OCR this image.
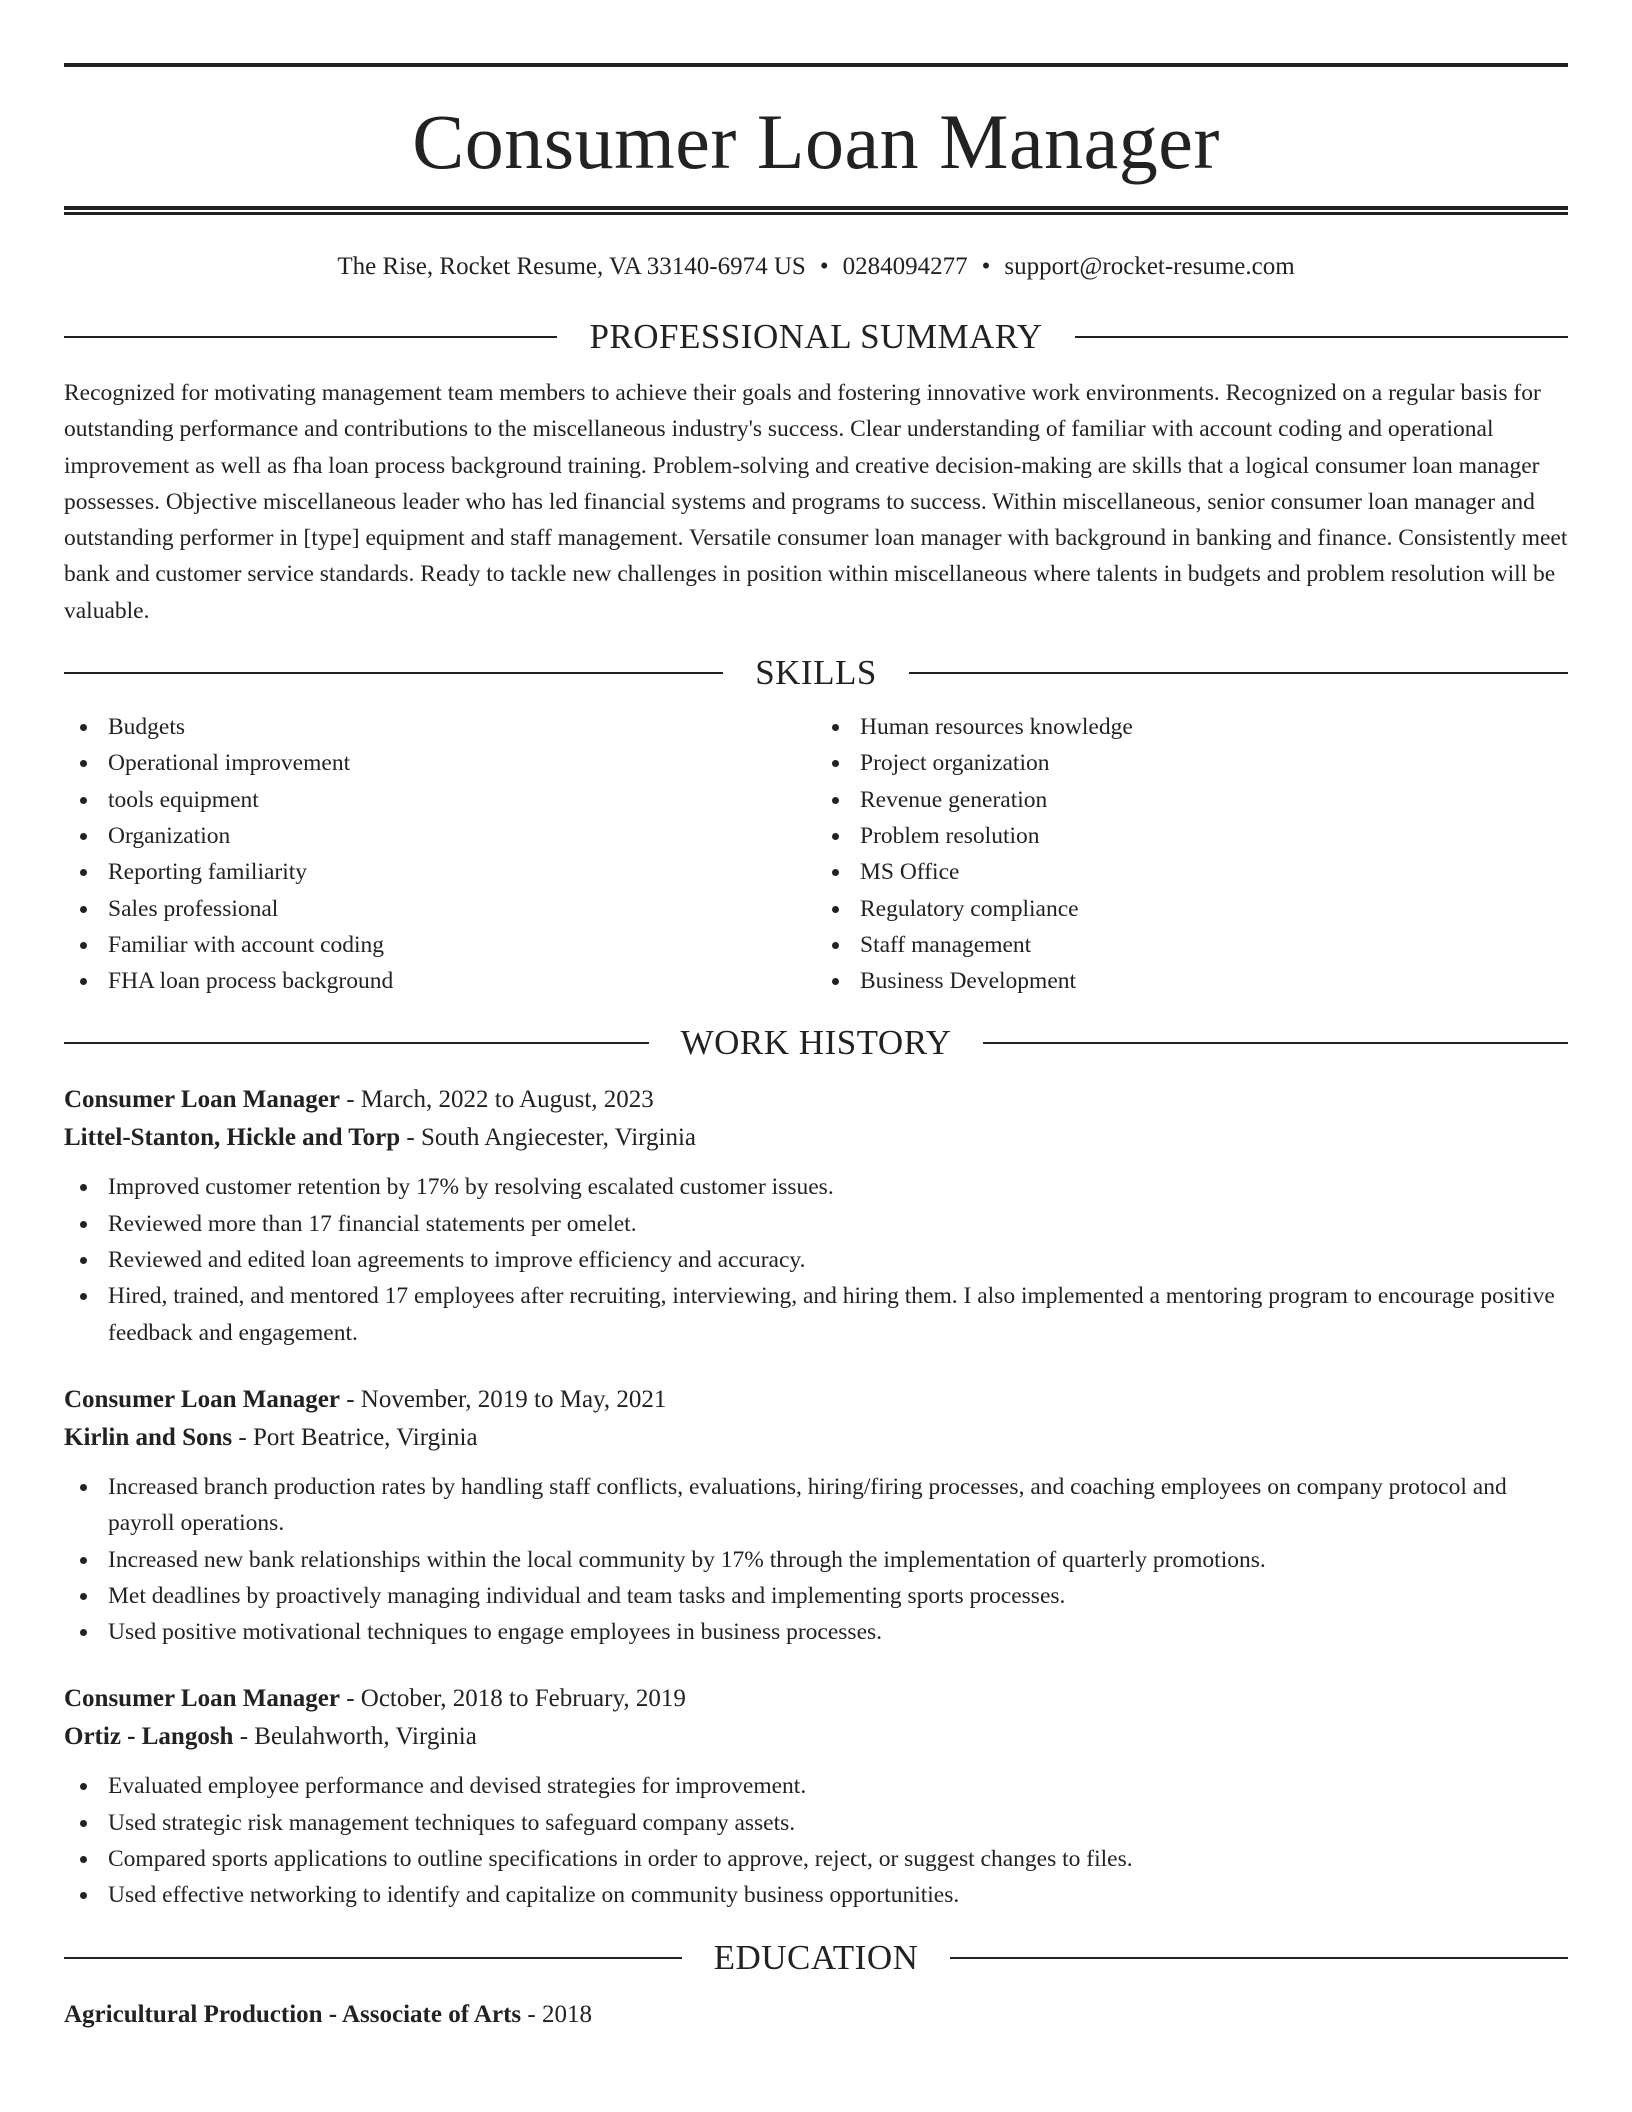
Consumer Loan Manager
The Rise, Rocket Resume, VA 33140-6974 US • 0284094277 • support@rocket-resume.com
PROFESSIONAL SUMMARY

Recognized for motivating management team members to achieve their goals and fostering innovative work environments. Recognized on a regular basis for outstanding performance and contributions to the miscellaneous industry's success. Clear understanding of familiar with account coding and operational improvement as well as fha loan process background training. Problem-solving and creative decision-making are skills that a logical consumer loan manager possesses. Objective miscellaneous leader who has led financial systems and programs to success. Within miscellaneous, senior consumer loan manager and outstanding performer in [type] equipment and staff management. Versatile consumer loan manager with background in banking and finance. Consistently meet bank and customer service standards. Ready to tackle new challenges in position within miscellaneous where talents in budgets and problem resolution will be valuable.

SKILLS
Budgets
Operational improvement
tools equipment
Organization
Reporting familiarity
Sales professional
Familiar with account coding
FHA loan process background
Human resources knowledge
Project organization
Revenue generation
Problem resolution
MS Office
Regulatory compliance
Staff management
Business Development
WORK HISTORY
Consumer Loan Manager - March, 2022 to August, 2023
Littel-Stanton, Hickle and Torp - South Angiecester, Virginia
Improved customer retention by 17% by resolving escalated customer issues.
Reviewed more than 17 financial statements per omelet.
Reviewed and edited loan agreements to improve efficiency and accuracy.
Hired, trained, and mentored 17 employees after recruiting, interviewing, and hiring them. I also implemented a mentoring program to encourage positive feedback and engagement.
Consumer Loan Manager - November, 2019 to May, 2021
Kirlin and Sons - Port Beatrice, Virginia
Increased branch production rates by handling staff conflicts, evaluations, hiring/firing processes, and coaching employees on company protocol and payroll operations.
Increased new bank relationships within the local community by 17% through the implementation of quarterly promotions.
Met deadlines by proactively managing individual and team tasks and implementing sports processes.
Used positive motivational techniques to engage employees in business processes.
Consumer Loan Manager - October, 2018 to February, 2019
Ortiz - Langosh - Beulahworth, Virginia
Evaluated employee performance and devised strategies for improvement.
Used strategic risk management techniques to safeguard company assets.
Compared sports applications to outline specifications in order to approve, reject, or suggest changes to files.
Used effective networking to identify and capitalize on community business opportunities.
EDUCATION
Agricultural Production - Associate of Arts - 2018
